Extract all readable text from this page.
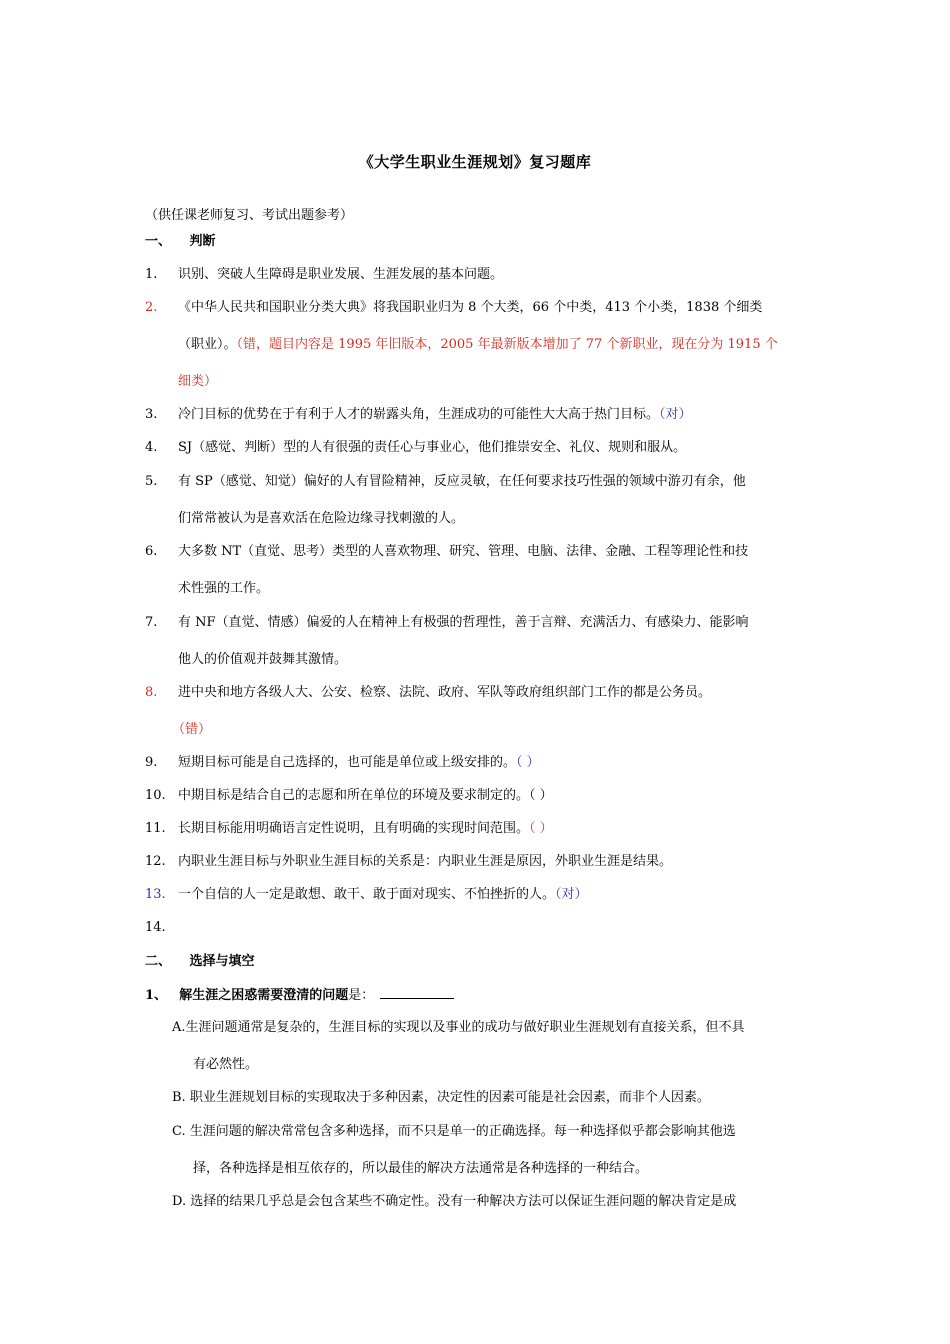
《大学生职业生涯规划》复习题库
（供任课老师复习、考试出题参考）
一、 判断
1. 识别、突破人生障碍是职业发展、生涯发展的基本问题。
2. 《中华人民共和国职业分类大典》将我国职业归为 8 个大类，66 个中类，413 个小类，1838 个细类
（职业）。（错，题目内容是 1995 年旧版本，2005 年最新版本增加了 77 个新职业，现在分为 1915 个
细类）
3. 冷门目标的优势在于有利于人才的崭露头角，生涯成功的可能性大大高于热门目标。（对）
4. SJ（感觉、判断）型的人有很强的责任心与事业心，他们推崇安全、礼仪、规则和服从。
5. 有 SP（感觉、知觉）偏好的人有冒险精神，反应灵敏，在任何要求技巧性强的领域中游刃有余，他
们常常被认为是喜欢活在危险边缘寻找刺激的人。
6. 大多数 NT（直觉、思考）类型的人喜欢物理、研究、管理、电脑、法律、金融、工程等理论性和技
术性强的工作。
7. 有 NF（直觉、情感）偏爱的人在精神上有极强的哲理性，善于言辩、充满活力、有感染力、能影响
他人的价值观并鼓舞其激情。
8. 进中央和地方各级人大、公安、检察、法院、政府、军队等政府组织部门工作的都是公务员。
（错）
9. 短期目标可能是自己选择的，也可能是单位或上级安排的。（ ）
10. 中期目标是结合自己的志愿和所在单位的环境及要求制定的。（ ）
11. 长期目标能用明确语言定性说明，且有明确的实现时间范围。（ ）
12. 内职业生涯目标与外职业生涯目标的关系是：内职业生涯是原因，外职业生涯是结果。
13. 一个自信的人一定是敢想、敢干、敢于面对现实、不怕挫折的人。（对）
14.
二、 选择与填空
1、 解生涯之困惑需要澄清的问题是：
A.生涯问题通常是复杂的，生涯目标的实现以及事业的成功与做好职业生涯规划有直接关系，但不具
有必然性。
B. 职业生涯规划目标的实现取决于多种因素，决定性的因素可能是社会因素，而非个人因素。
C. 生涯问题的解决常常包含多种选择，而不只是单一的正确选择。每一种选择似乎都会影响其他选
择，各种选择是相互依存的，所以最佳的解决方法通常是各种选择的一种结合。
D. 选择的结果几乎总是会包含某些不确定性。没有一种解决方法可以保证生涯问题的解决肯定是成
